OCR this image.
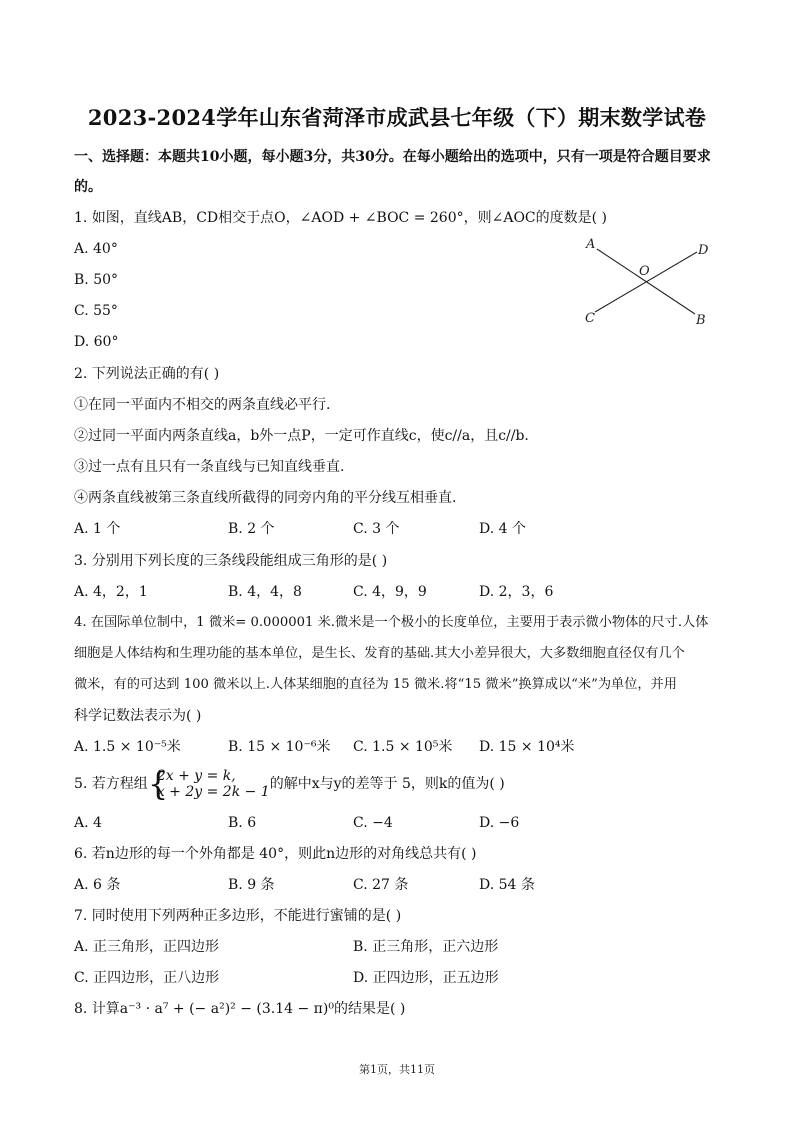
2023-2024学年山东省菏泽市成武县七年级（下）期末数学试卷
一、选择题：本题共10小题，每小题3分，共30分。在每小题给出的选项中，只有一项是符合题目要求
的。
1. 如图，直线AB，CD相交于点O，∠AOD + ∠BOC = 260°，则∠AOC的度数是( )
A. 40°
B. 50°
C. 55°
D. 60°
A	D
O
C	B
2. 下列说法正确的有( )
①在同一平面内不相交的两条直线必平行.
②过同一平面内两条直线a，b外一点P，一定可作直线c，使c//a，且c//b.
③过一点有且只有一条直线与已知直线垂直.
④两条直线被第三条直线所截得的同旁内角的平分线互相垂直.
A. 1 个	B. 2 个	C. 3 个	D. 4 个
3. 分别用下列长度的三条线段能组成三角形的是( )
A. 4，2，1	B. 4，4，8	C. 4，9，9	D. 2，3，6
4. 在国际单位制中，1 微米= 0.000001 米.微米是一个极小的长度单位，主要用于表示微小物体的尺寸.人体
细胞是人体结构和生理功能的基本单位，是生长、发育的基础.其大小差异很大，大多数细胞直径仅有几个
微米，有的可达到 100 微米以上.人体某细胞的直径为 15 微米.将“15 微米”换算成以“米”为单位，并用
科学记数法表示为( )
A. 1.5 × 10⁻⁵米	B. 15 × 10⁻⁶米 C. 1.5 × 10⁵米 D. 15 × 10⁴米
5. 若方程组 {
2x + y = k,
x + 2y = 2k − 1 的解中x与y的差等于 5，则k的值为( )
A. 4	B. 6	C. −4	D. −6
6. 若n边形的每一个外角都是 40°，则此n边形的对角线总共有( )
A. 6 条	B. 9 条	C. 27 条	D. 54 条
7. 同时使用下列两种正多边形，不能进行蜜铺的是( )
A. 正三角形，正四边形	B. 正三角形，正六边形
C. 正四边形，正八边形	D. 正四边形，正五边形
8. 计算a⁻³ · a⁷ + (− a²)² − (3.14 − π)⁰的结果是( )
第1页，共11页
